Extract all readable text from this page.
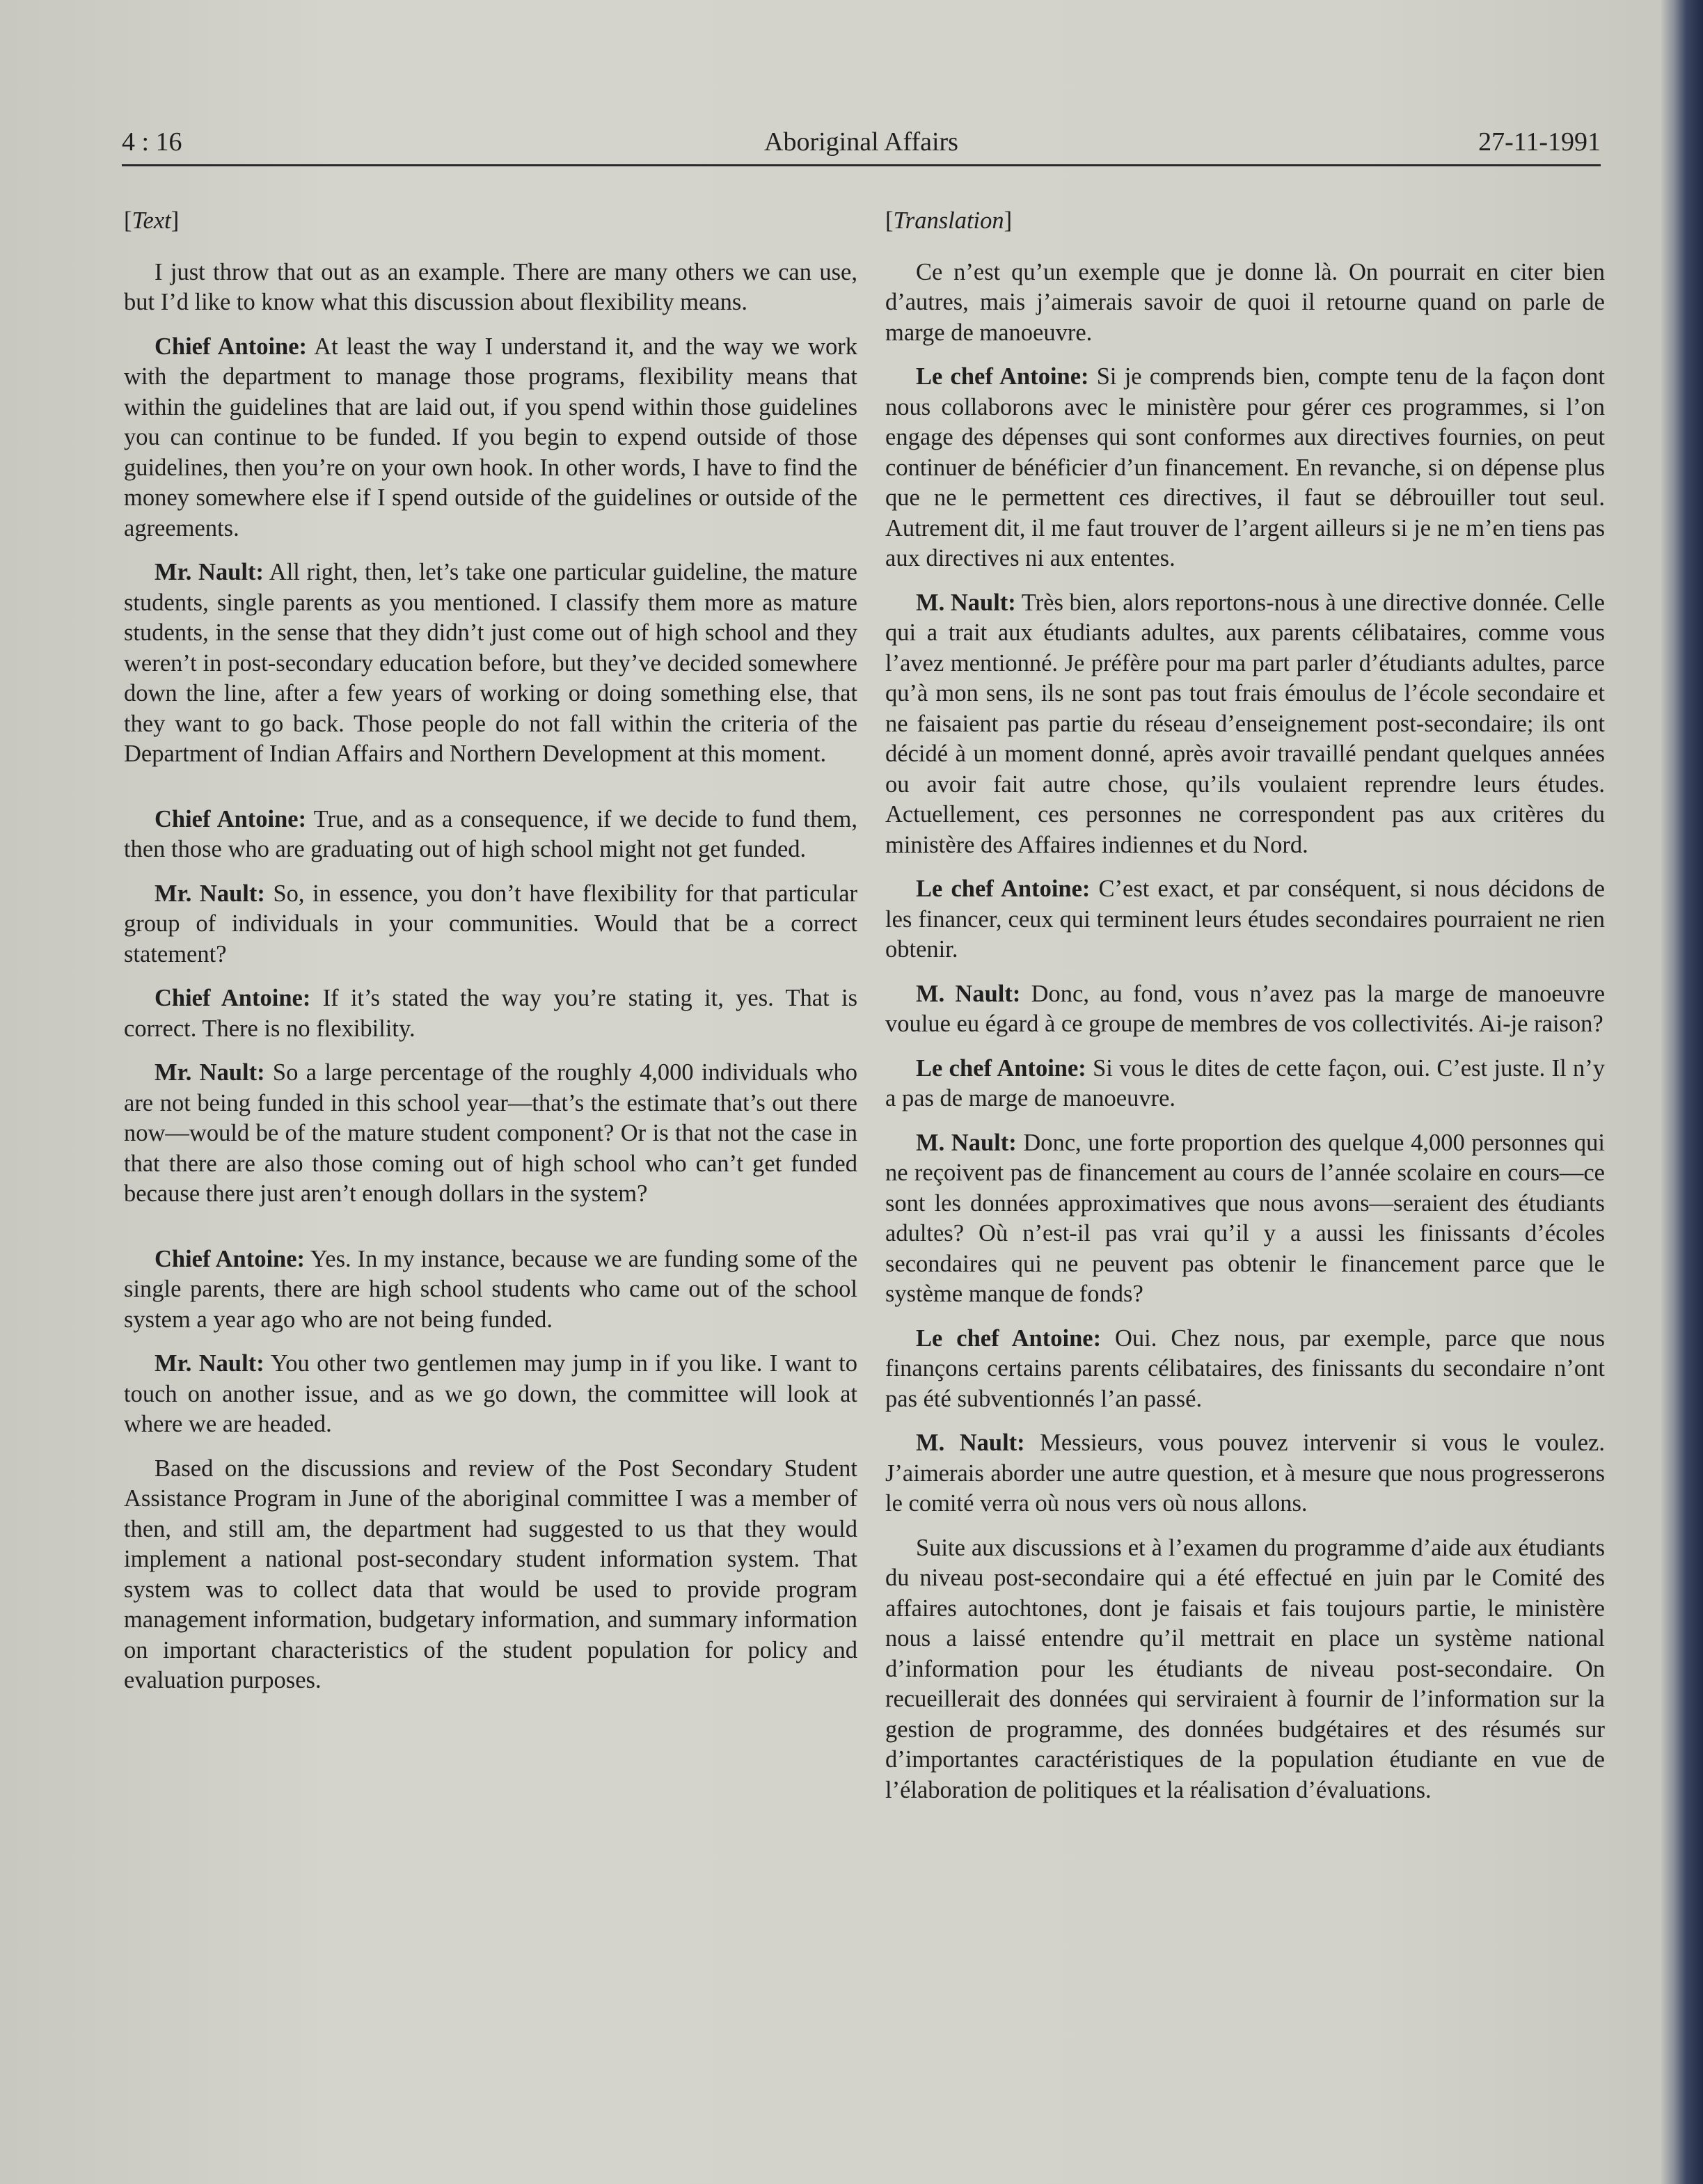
4 : 16	Aboriginal Affairs	27-11-1991

[Text]

I just throw that out as an example. There are many others we can use, but I’d like to know what this discussion about flexibility means.

Chief Antoine: At least the way I understand it, and the way we work with the department to manage those programs, flexibility means that within the guidelines that are laid out, if you spend within those guidelines you can continue to be funded. If you begin to expend outside of those guidelines, then you’re on your own hook. In other words, I have to find the money somewhere else if I spend outside of the guidelines or outside of the agreements.

Mr. Nault: All right, then, let’s take one particular guideline, the mature students, single parents as you mentioned. I classify them more as mature students, in the sense that they didn’t just come out of high school and they weren’t in post-secondary education before, but they’ve decided somewhere down the line, after a few years of working or doing something else, that they want to go back. Those people do not fall within the criteria of the Department of Indian Affairs and Northern Development at this moment.

Chief Antoine: True, and as a consequence, if we decide to fund them, then those who are graduating out of high school might not get funded.

Mr. Nault: So, in essence, you don’t have flexibility for that particular group of individuals in your communities. Would that be a correct statement?

Chief Antoine: If it’s stated the way you’re stating it, yes. That is correct. There is no flexibility.

Mr. Nault: So a large percentage of the roughly 4,000 individuals who are not being funded in this school year—that’s the estimate that’s out there now—would be of the mature student component? Or is that not the case in that there are also those coming out of high school who can’t get funded because there just aren’t enough dollars in the system?

Chief Antoine: Yes. In my instance, because we are funding some of the single parents, there are high school students who came out of the school system a year ago who are not being funded.

Mr. Nault: You other two gentlemen may jump in if you like. I want to touch on another issue, and as we go down, the committee will look at where we are headed.

Based on the discussions and review of the Post Secondary Student Assistance Program in June of the aboriginal committee I was a member of then, and still am, the department had suggested to us that they would implement a national post-secondary student information system. That system was to collect data that would be used to provide program management information, budgetary information, and summary information on important characteristics of the student population for policy and evaluation purposes.

[Translation]

Ce n’est qu’un exemple que je donne là. On pourrait en citer bien d’autres, mais j’aimerais savoir de quoi il retourne quand on parle de marge de manoeuvre.

Le chef Antoine: Si je comprends bien, compte tenu de la façon dont nous collaborons avec le ministère pour gérer ces programmes, si l’on engage des dépenses qui sont conformes aux directives fournies, on peut continuer de bénéficier d’un financement. En revanche, si on dépense plus que ne le permettent ces directives, il faut se débrouiller tout seul. Autrement dit, il me faut trouver de l’argent ailleurs si je ne m’en tiens pas aux directives ni aux ententes.

M. Nault: Très bien, alors reportons-nous à une directive donnée. Celle qui a trait aux étudiants adultes, aux parents célibataires, comme vous l’avez mentionné. Je préfère pour ma part parler d’étudiants adultes, parce qu’à mon sens, ils ne sont pas tout frais émoulus de l’école secondaire et ne faisaient pas partie du réseau d’enseignement post-secondaire; ils ont décidé à un moment donné, après avoir travaillé pendant quelques années ou avoir fait autre chose, qu’ils voulaient reprendre leurs études. Actuellement, ces personnes ne correspondent pas aux critères du ministère des Affaires indiennes et du Nord.

Le chef Antoine: C’est exact, et par conséquent, si nous décidons de les financer, ceux qui terminent leurs études secondaires pourraient ne rien obtenir.

M. Nault: Donc, au fond, vous n’avez pas la marge de manoeuvre voulue eu égard à ce groupe de membres de vos collectivités. Ai-je raison?

Le chef Antoine: Si vous le dites de cette façon, oui. C’est juste. Il n’y a pas de marge de manoeuvre.

M. Nault: Donc, une forte proportion des quelque 4,000 personnes qui ne reçoivent pas de financement au cours de l’année scolaire en cours—ce sont les données approximatives que nous avons—seraient des étudiants adultes? Où n’est-il pas vrai qu’il y a aussi les finissants d’écoles secondaires qui ne peuvent pas obtenir le financement parce que le système manque de fonds?

Le chef Antoine: Oui. Chez nous, par exemple, parce que nous finançons certains parents célibataires, des finissants du secondaire n’ont pas été subventionnés l’an passé.

M. Nault: Messieurs, vous pouvez intervenir si vous le voulez. J’aimerais aborder une autre question, et à mesure que nous progresserons le comité verra où nous vers où nous allons.

Suite aux discussions et à l’examen du programme d’aide aux étudiants du niveau post-secondaire qui a été effectué en juin par le Comité des affaires autochtones, dont je faisais et fais toujours partie, le ministère nous a laissé entendre qu’il mettrait en place un système national d’information pour les étudiants de niveau post-secondaire. On recueillerait des données qui serviraient à fournir de l’information sur la gestion de programme, des données budgétaires et des résumés sur d’importantes caractéristiques de la population étudiante en vue de l’élaboration de politiques et la réalisation d’évaluations.
